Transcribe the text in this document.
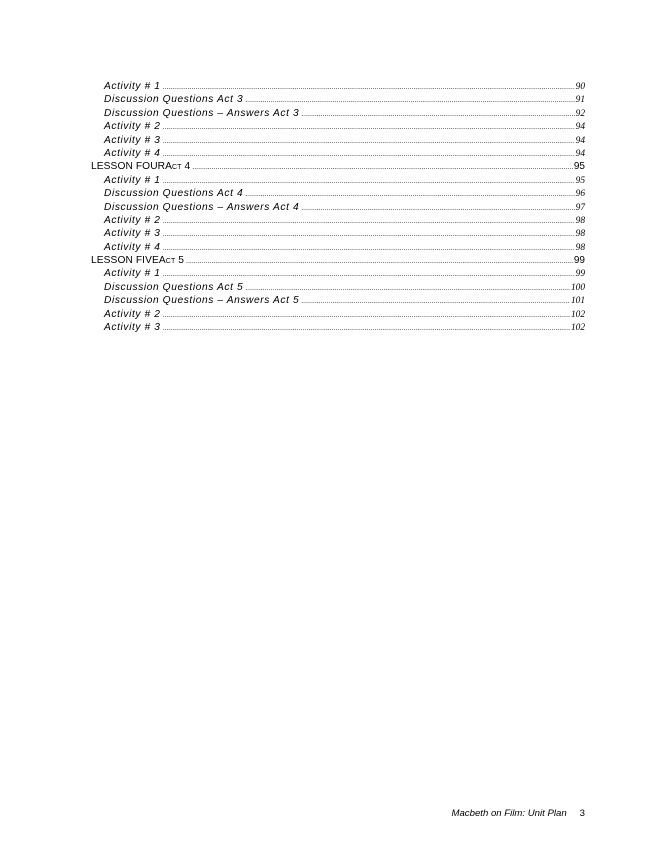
Activity # 1 .....	90
Discussion Questions Act 3 .....	91
Discussion Questions – Answers Act 3 .....	92
Activity # 2 .....	94
Activity # 3 .....	94
Activity # 4 .....	94
LESSON FOUR Act 4 .....	95
Activity # 1 .....	95
Discussion Questions Act 4 .....	96
Discussion Questions – Answers Act 4 .....	97
Activity # 2 .....	98
Activity # 3 .....	98
Activity # 4 .....	98
LESSON FIVE Act 5 .....	99
Activity # 1 .....	99
Discussion Questions Act 5 .....	100
Discussion Questions – Answers Act 5 .....	101
Activity # 2 .....	102
Activity # 3 .....	102
Macbeth on Film: Unit Plan 3
